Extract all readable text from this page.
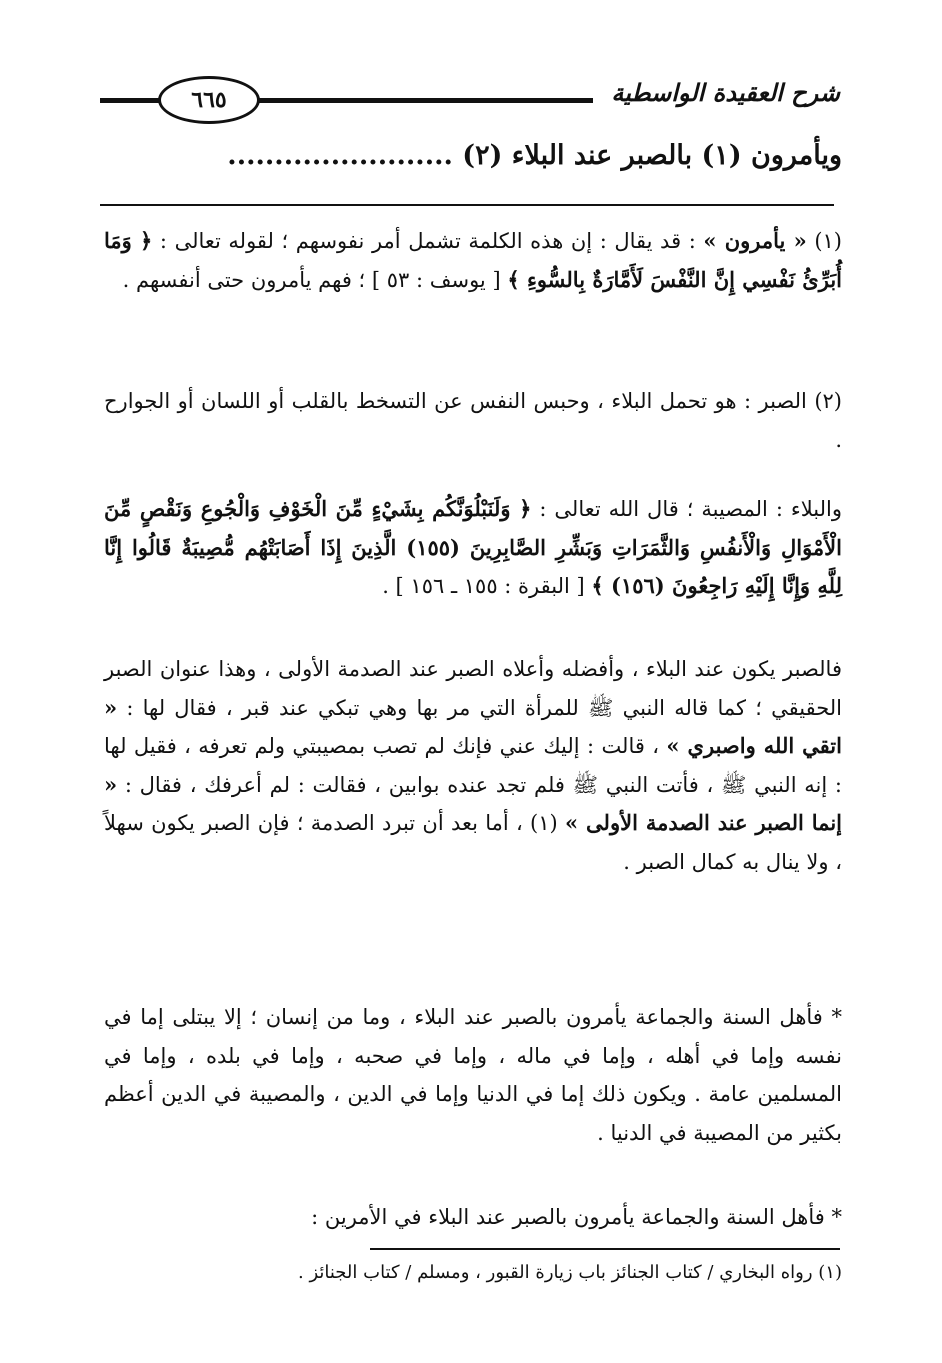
شرح العقيدة الواسطية
٦٦٥
ويأمرون (١) بالصبر عند البلاء (٢) ........................

(١) « يأمرون » : قد يقال : إن هذه الكلمة تشمل أمر نفوسهم ؛ لقوله تعالى : ﴿ وَمَا أُبَرِّئُ نَفْسِي إِنَّ النَّفْسَ لَأَمَّارَةٌ بِالسُّوءِ ﴾ [ يوسف : ٥٣ ] ؛ فهم يأمرون حتى أنفسهم .

(٢) الصبر : هو تحمل البلاء ، وحبس النفس عن التسخط بالقلب أو اللسان أو الجوارح .

والبلاء : المصيبة ؛ قال الله تعالى : ﴿ وَلَنَبْلُوَنَّكُم بِشَيْءٍ مِّنَ الْخَوْفِ وَالْجُوعِ وَنَقْصٍ مِّنَ الْأَمْوَالِ وَالْأَنفُسِ وَالثَّمَرَاتِ وَبَشِّرِ الصَّابِرِينَ (١٥٥) الَّذِينَ إِذَا أَصَابَتْهُم مُّصِيبَةٌ قَالُوا إِنَّا لِلَّهِ وَإِنَّا إِلَيْهِ رَاجِعُونَ (١٥٦) ﴾ [ البقرة : ١٥٥ ـ ١٥٦ ] .

فالصبر يكون عند البلاء ، وأفضله وأعلاه الصبر عند الصدمة الأولى ، وهذا عنوان الصبر الحقيقي ؛ كما قاله النبي ﷺ للمرأة التي مر بها وهي تبكي عند قبر ، فقال لها : « اتقي الله واصبري » ، قالت : إليك عني فإنك لم تصب بمصيبتي ولم تعرفه ، فقيل لها : إنه النبي ﷺ ، فأتت النبي ﷺ فلم تجد عنده بوابين ، فقالت : لم أعرفك ، فقال : « إنما الصبر عند الصدمة الأولى » (١) ، أما بعد أن تبرد الصدمة ؛ فإن الصبر يكون سهلاً ، ولا ينال به كمال الصبر .

* فأهل السنة والجماعة يأمرون بالصبر عند البلاء ، وما من إنسان ؛ إلا يبتلى إما في نفسه وإما في أهله ، وإما في ماله ، وإما في صحبه ، وإما في بلده ، وإما في المسلمين عامة . ويكون ذلك إما في الدنيا وإما في الدين ، والمصيبة في الدين أعظم بكثير من المصيبة في الدنيا .

* فأهل السنة والجماعة يأمرون بالصبر عند البلاء في الأمرين :

(١) رواه البخاري / كتاب الجنائز باب زيارة القبور ، ومسلم / كتاب الجنائز .
